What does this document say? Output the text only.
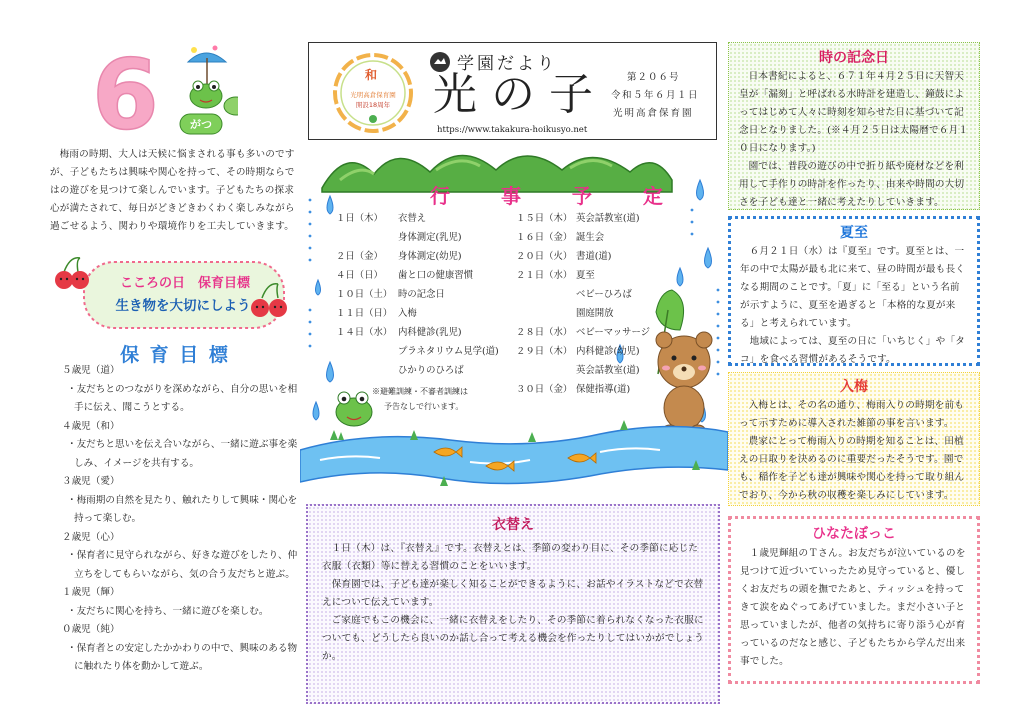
6	がつ
梅雨の時期、大人は天候に悩まされる事も多いのですが、子どもたちは興味や関心を持って、その時期ならではの遊びを見つけて楽しんでいます。子どもたちの探求心が満たされて、毎日がどきどきわくわく楽しみながら過ごせるよう、関わりや環境作りを工夫していきます。
こころの日　保育目標
生き物を大切にしよう
保 育 目 標
５歳児（道）
・友だちとのつながりを深めながら、自分の思いを相手に伝え、聞こうとする。
４歳児（和）
・友だちと思いを伝え合いながら、一緒に遊ぶ事を楽しみ、イメージを共有する。
３歳児（愛）
・梅雨期の自然を見たり、触れたりして興味・関心を持って楽しむ。
２歳児（心）
・保育者に見守られながら、好きな遊びをしたり、仲立ちをしてもらいながら、気の合う友だちと遊ぶ。
１歳児（輝）
・友だちに関心を持ち、一緒に遊びを楽しむ。
０歳児（純）
・保育者との安定したかかわりの中で、興味のある物に触れたり体を動かして遊ぶ。
和
光明高倉保育園
開設18周年
学園だより
光の子
https://www.takakura-hoikusyo.net
第２０６号
令和５年６月１日
光明高倉保育園
行 事 予 定
１日（木） 衣替え
身体測定(乳児)
２日（金） 身体測定(幼児)
４日（日） 歯と口の健康習慣
１０日（土） 時の記念日
１１日（日） 入梅
１４日（水） 内科健診(乳児)
プラネタリウム見学(道)
ひかりのひろば
※避難訓練・不審者訓練は
予告なしで行います。
１５日（木） 英会話教室(道)
１６日（金） 誕生会
２０日（火） 書道(道)
２１日（水） 夏至
ベビーひろば
園庭開放
２８日（水） ベビーマッサージ
２９日（木） 内科健診(幼児)
英会話教室(道)
３０日（金） 保健指導(道)
衣替え
１日（木）は、『衣替え』です。衣替えとは、季節の変わり目に、その季節に応じた衣服（衣類）等に替える習慣のことをいいます。
保育園では、子ども達が楽しく知ることができるように、お話やイラストなどで衣替えについて伝えています。
ご家庭でもこの機会に、一緒に衣替えをしたり、その季節に着られなくなった衣服についても、どうしたら良いのか話し合って考える機会を作ったりしてはいかがでしょうか。
時の記念日
日本書紀によると、６７１年４月２５日に天智天皇が「漏刻」と呼ばれる水時計を建造し、鐘鼓によってはじめて人々に時刻を知らせた日に基づいて記念日となりました。(※４月２５日は太陽暦で６月１０日になります。)
園では、普段の遊びの中で折り紙や廃材などを利用して手作りの時計を作ったり、由来や時間の大切さを子ども達と一緒に考えたりしていきます。
夏至
６月２１日（水）は『夏至』です。夏至とは、一年の中で太陽が最も北に来て、昼の時間が最も長くなる期間のことです。「夏」に「至る」という名前が示すように、夏至を過ぎると「本格的な夏が来る」と考えられています。
地域によっては、夏至の日に「いちじく」や「タコ」を食べる習慣があるそうです。
入梅
入梅とは、その名の通り、梅雨入りの時期を前もって示すために導入された雑節の事を言います。
農家にとって梅雨入りの時期を知ることは、田植えの日取りを決めるのに重要だったそうです。園でも、稲作を子ども達が興味や関心を持って取り組んでおり、今から秋の収穫を楽しみにしています。
ひなたぼっこ
１歳児輝組のＴさん。お友だちが泣いているのを見つけて近づいていったため見守っていると、優しくお友だちの頭を撫でたあと、ティッシュを持ってきて涙をぬぐってあげていました。まだ小さい子と思っていましたが、他者の気持ちに寄り添う心が育っているのだなと感じ、子どもたちから学んだ出来事でした。
